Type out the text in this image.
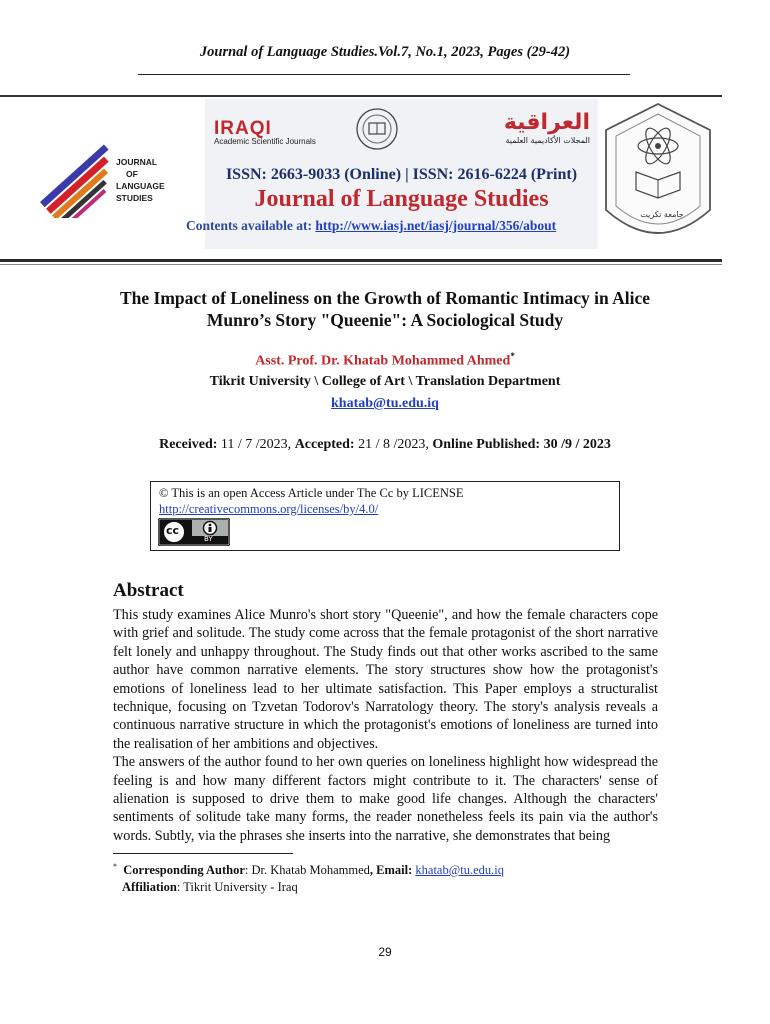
Journal of Language Studies.Vol.7, No.1, 2023, Pages (29-42)
JOURNAL
OF
LANGUAGE
STUDIES
IRAQI
Academic Scientific Journals
العراقية
المجلات الأكاديمية العلمية
ISSN: 2663-9033 (Online) | ISSN: 2616-6224 (Print)
Journal of Language Studies
Contents available at: http://www.iasj.net/iasj/journal/356/about
جامعة تكريت
The Impact of Loneliness on the Growth of Romantic Intimacy in Alice Munro’s Story "Queenie": A Sociological Study
Asst. Prof. Dr. Khatab Mohammed Ahmed*
Tikrit University \ College of Art \ Translation Department
khatab@tu.edu.iq
Received: 11 / 7 /2023, Accepted: 21 / 8 /2023, Online Published: 30 /9 / 2023
© This is an open Access Article under The Cc by LICENSE
http://creativecommons.org/licenses/by/4.0/
cc
BY
Abstract

This study examines Alice Munro's short story "Queenie", and how the female characters cope with grief and solitude. The study come across that the female protagonist of the short narrative felt lonely and unhappy throughout. The Study finds out that other works ascribed to the same author have common narrative elements. The story structures show how the protagonist's emotions of loneliness lead to her ultimate satisfaction. This Paper employs a structuralist technique, focusing on Tzvetan Todorov's Narratology theory. The story's analysis reveals a continuous narrative structure in which the protagonist's emotions of loneliness are turned into the realisation of her ambitions and objectives.

The answers of the author found to her own queries on loneliness highlight how widespread the feeling is and how many different factors might contribute to it. The characters' sense of alienation is supposed to drive them to make good life changes. Although the characters' sentiments of solitude take many forms, the reader nonetheless feels its pain via the author's words. Subtly, via the phrases she inserts into the narrative, she demonstrates that being

* Corresponding Author: Dr. Khatab Mohammed, Email: khatab@tu.edu.iq
Affiliation: Tikrit University - Iraq
29
